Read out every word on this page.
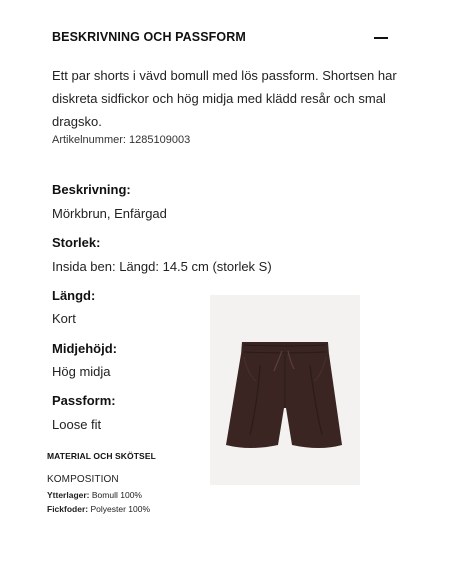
BESKRIVNING OCH PASSFORM
Ett par shorts i vävd bomull med lös passform. Shortsen har diskreta sidfickor och hög midja med klädd resår och smal dragsko.
Artikelnummer: 1285109003
Beskrivning:
Mörkbrun, Enfärgad
Storlek:
Insida ben: Längd: 14.5 cm (storlek S)
Längd:
Kort
Midjehöjd:
Hög midja
Passform:
Loose fit
MATERIAL OCH SKÖTSEL
KOMPOSITION
Ytterlager: Bomull 100%
Fickfoder: Polyester 100%
